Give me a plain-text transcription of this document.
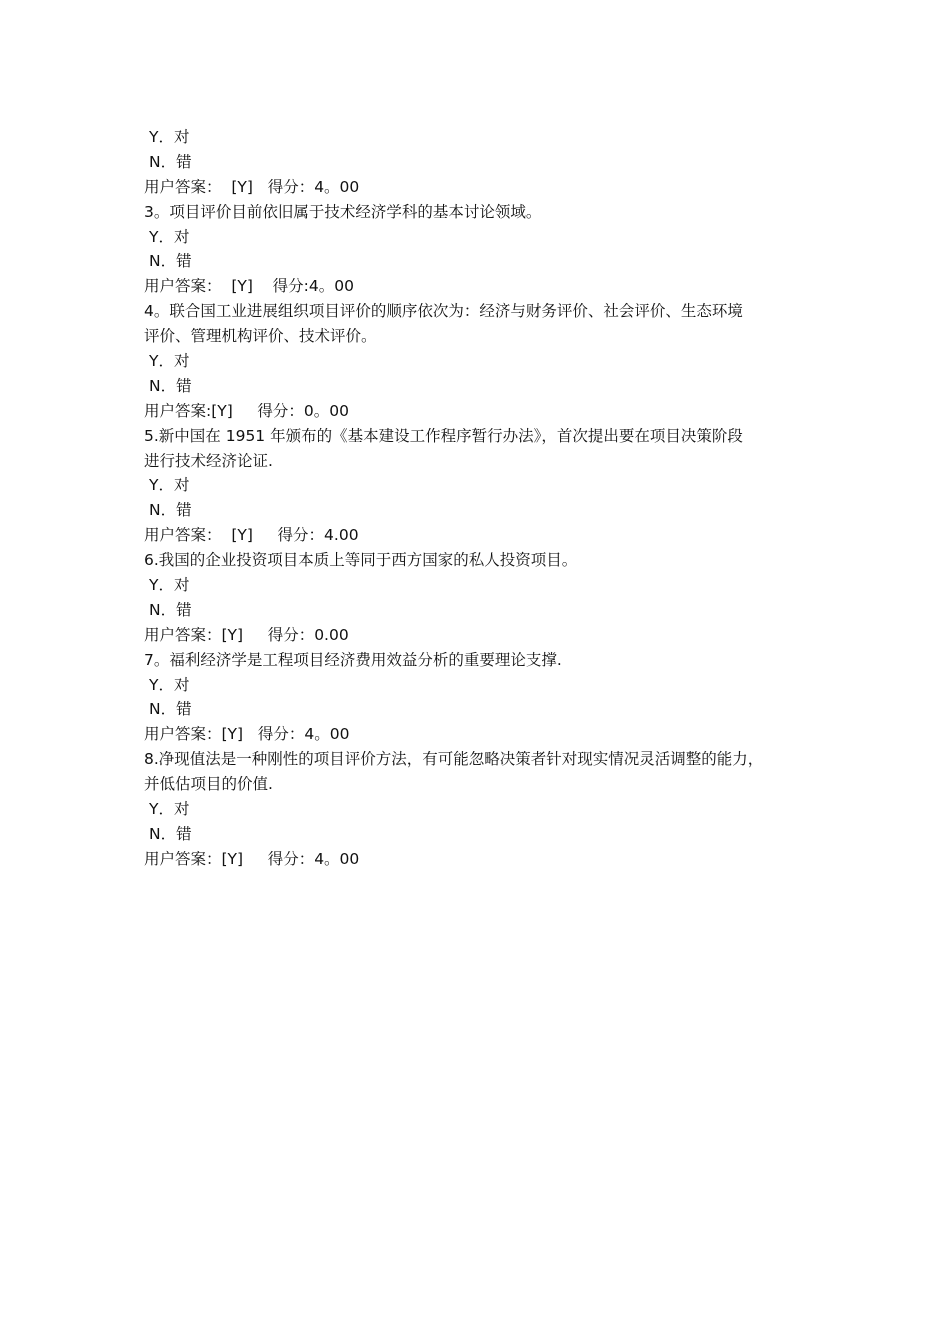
Y．对

N．错

用户答案：  [Y]   得分：4。00

3。项目评价目前依旧属于技术经济学科的基本讨论领域。

Y．对

N．错

用户答案：  [Y]    得分:4。00

4。联合国工业进展组织项目评价的顺序依次为：经济与财务评价、社会评价、生态环境

评价、管理机构评价、技术评价。

Y．对

N．错

用户答案:[Y]     得分：0。00

5.新中国在 1951 年颁布的《基本建设工作程序暂行办法》，首次提出要在项目决策阶段

进行技术经济论证.

Y．对

N．错

用户答案：  [Y]     得分：4.00

6.我国的企业投资项目本质上等同于西方国家的私人投资项目。

Y．对

N．错

用户答案：[Y]     得分：0.00

7。福利经济学是工程项目经济费用效益分析的重要理论支撑.

Y．对

N．错

用户答案：[Y]   得分：4。00

8.净现值法是一种刚性的项目评价方法，有可能忽略决策者针对现实情况灵活调整的能力，

并低估项目的价值.

Y．对

N．错

用户答案：[Y]     得分：4。00
